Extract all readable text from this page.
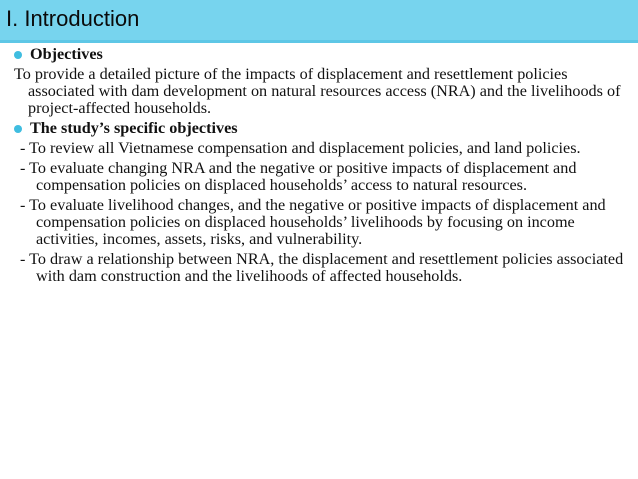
I. Introduction
Objectives
To provide a detailed picture of the impacts of displacement and resettlement policies associated with dam development on natural resources access (NRA) and the livelihoods of project-affected households.
The study’s specific objectives
- To review all Vietnamese compensation and displacement policies, and land policies.
- To evaluate changing NRA and the negative or positive impacts of displacement and compensation policies on displaced households’ access to natural resources.
- To evaluate livelihood changes, and the negative or positive impacts of displacement and compensation policies on displaced households’ livelihoods by focusing on income activities, incomes, assets, risks, and vulnerability.
- To draw a relationship between NRA, the displacement and resettlement policies associated with dam construction and the livelihoods of affected households.
